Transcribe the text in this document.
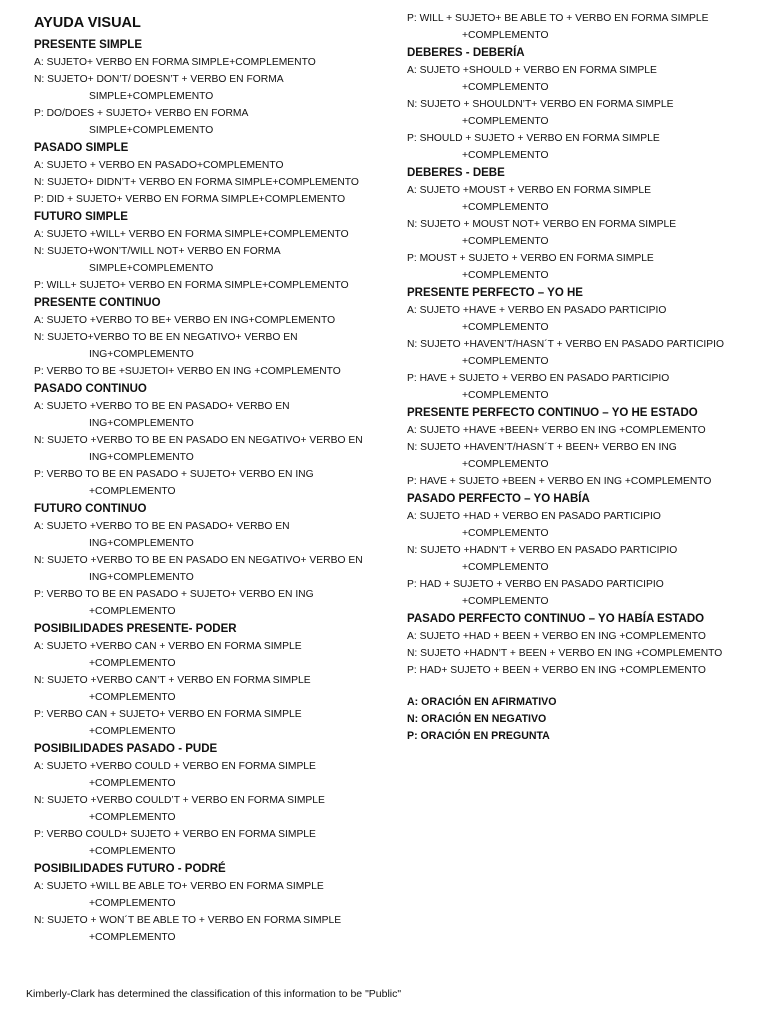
AYUDA VISUAL
PRESENTE SIMPLE
A: SUJETO+ VERBO EN FORMA SIMPLE+COMPLEMENTO
N: SUJETO+ DON’T/ DOESN’T + VERBO EN FORMA
SIMPLE+COMPLEMENTO
P: DO/DOES + SUJETO+ VERBO EN FORMA
SIMPLE+COMPLEMENTO
PASADO SIMPLE
A: SUJETO + VERBO EN PASADO+COMPLEMENTO
N: SUJETO+ DIDN’T+ VERBO EN FORMA SIMPLE+COMPLEMENTO
P: DID + SUJETO+ VERBO EN FORMA SIMPLE+COMPLEMENTO
FUTURO SIMPLE
A: SUJETO +WILL+ VERBO EN FORMA SIMPLE+COMPLEMENTO
N: SUJETO+WON’T/WILL NOT+ VERBO EN FORMA
SIMPLE+COMPLEMENTO
P: WILL+ SUJETO+ VERBO EN FORMA SIMPLE+COMPLEMENTO
PRESENTE CONTINUO
A: SUJETO +VERBO TO BE+ VERBO EN ING+COMPLEMENTO
N: SUJETO+VERBO TO BE EN NEGATIVO+ VERBO EN
ING+COMPLEMENTO
P: VERBO TO BE +SUJETOI+ VERBO EN ING +COMPLEMENTO
PASADO CONTINUO
A: SUJETO +VERBO TO BE EN PASADO+ VERBO EN
ING+COMPLEMENTO
N: SUJETO +VERBO TO BE EN PASADO EN NEGATIVO+ VERBO EN
ING+COMPLEMENTO
P: VERBO TO BE EN PASADO + SUJETO+ VERBO EN ING
+COMPLEMENTO
FUTURO CONTINUO
A: SUJETO +VERBO TO BE EN PASADO+ VERBO EN
ING+COMPLEMENTO
N: SUJETO +VERBO TO BE EN PASADO EN NEGATIVO+ VERBO EN
ING+COMPLEMENTO
P: VERBO TO BE EN PASADO + SUJETO+ VERBO EN ING
+COMPLEMENTO
POSIBILIDADES PRESENTE- PODER
A: SUJETO +VERBO CAN + VERBO EN FORMA SIMPLE
+COMPLEMENTO
N: SUJETO +VERBO CAN’T + VERBO EN FORMA SIMPLE
+COMPLEMENTO
P: VERBO CAN + SUJETO+ VERBO EN FORMA SIMPLE
+COMPLEMENTO
POSIBILIDADES PASADO - PUDE
A: SUJETO +VERBO COULD + VERBO EN FORMA SIMPLE
+COMPLEMENTO
N: SUJETO +VERBO COULD’T + VERBO EN FORMA SIMPLE
+COMPLEMENTO
P: VERBO COULD+ SUJETO + VERBO EN FORMA SIMPLE
+COMPLEMENTO
POSIBILIDADES FUTURO - PODRÉ
A: SUJETO +WILL BE ABLE TO+ VERBO EN FORMA SIMPLE
+COMPLEMENTO
N: SUJETO + WON´T BE ABLE TO + VERBO EN FORMA SIMPLE
+COMPLEMENTO
P: WILL + SUJETO+ BE ABLE TO + VERBO EN FORMA SIMPLE
+COMPLEMENTO
DEBERES - DEBERÍA
A: SUJETO +SHOULD + VERBO EN FORMA SIMPLE
+COMPLEMENTO
N: SUJETO + SHOULDN’T+ VERBO EN FORMA SIMPLE
+COMPLEMENTO
P: SHOULD + SUJETO + VERBO EN FORMA SIMPLE
+COMPLEMENTO
DEBERES - DEBE
A: SUJETO +MOUST + VERBO EN FORMA SIMPLE
+COMPLEMENTO
N: SUJETO + MOUST NOT+ VERBO EN FORMA SIMPLE
+COMPLEMENTO
P: MOUST + SUJETO + VERBO EN FORMA SIMPLE
+COMPLEMENTO
PRESENTE PERFECTO – YO HE
A: SUJETO +HAVE + VERBO EN PASADO PARTICIPIO
+COMPLEMENTO
N: SUJETO +HAVEN’T/HASN´T + VERBO EN PASADO PARTICIPIO
+COMPLEMENTO
P: HAVE + SUJETO + VERBO EN PASADO PARTICIPIO
+COMPLEMENTO
PRESENTE PERFECTO CONTINUO – YO HE ESTADO
A: SUJETO +HAVE +BEEN+ VERBO EN ING +COMPLEMENTO
N: SUJETO +HAVEN’T/HASN´T + BEEN+ VERBO EN ING
+COMPLEMENTO
P: HAVE + SUJETO +BEEN + VERBO EN ING +COMPLEMENTO
PASADO PERFECTO – YO HABÍA
A: SUJETO +HAD + VERBO EN PASADO PARTICIPIO
+COMPLEMENTO
N: SUJETO +HADN’T + VERBO EN PASADO PARTICIPIO
+COMPLEMENTO
P: HAD + SUJETO + VERBO EN PASADO PARTICIPIO
+COMPLEMENTO
PASADO PERFECTO CONTINUO – YO HABÍA ESTADO
A: SUJETO +HAD + BEEN + VERBO EN ING +COMPLEMENTO
N: SUJETO +HADN’T + BEEN + VERBO EN ING +COMPLEMENTO
P: HAD+ SUJETO + BEEN + VERBO EN ING +COMPLEMENTO
A: ORACIÓN EN AFIRMATIVO
N: ORACIÓN EN NEGATIVO
P: ORACIÓN EN PREGUNTA
Kimberly-Clark has determined the classification of this information to be "Public"
